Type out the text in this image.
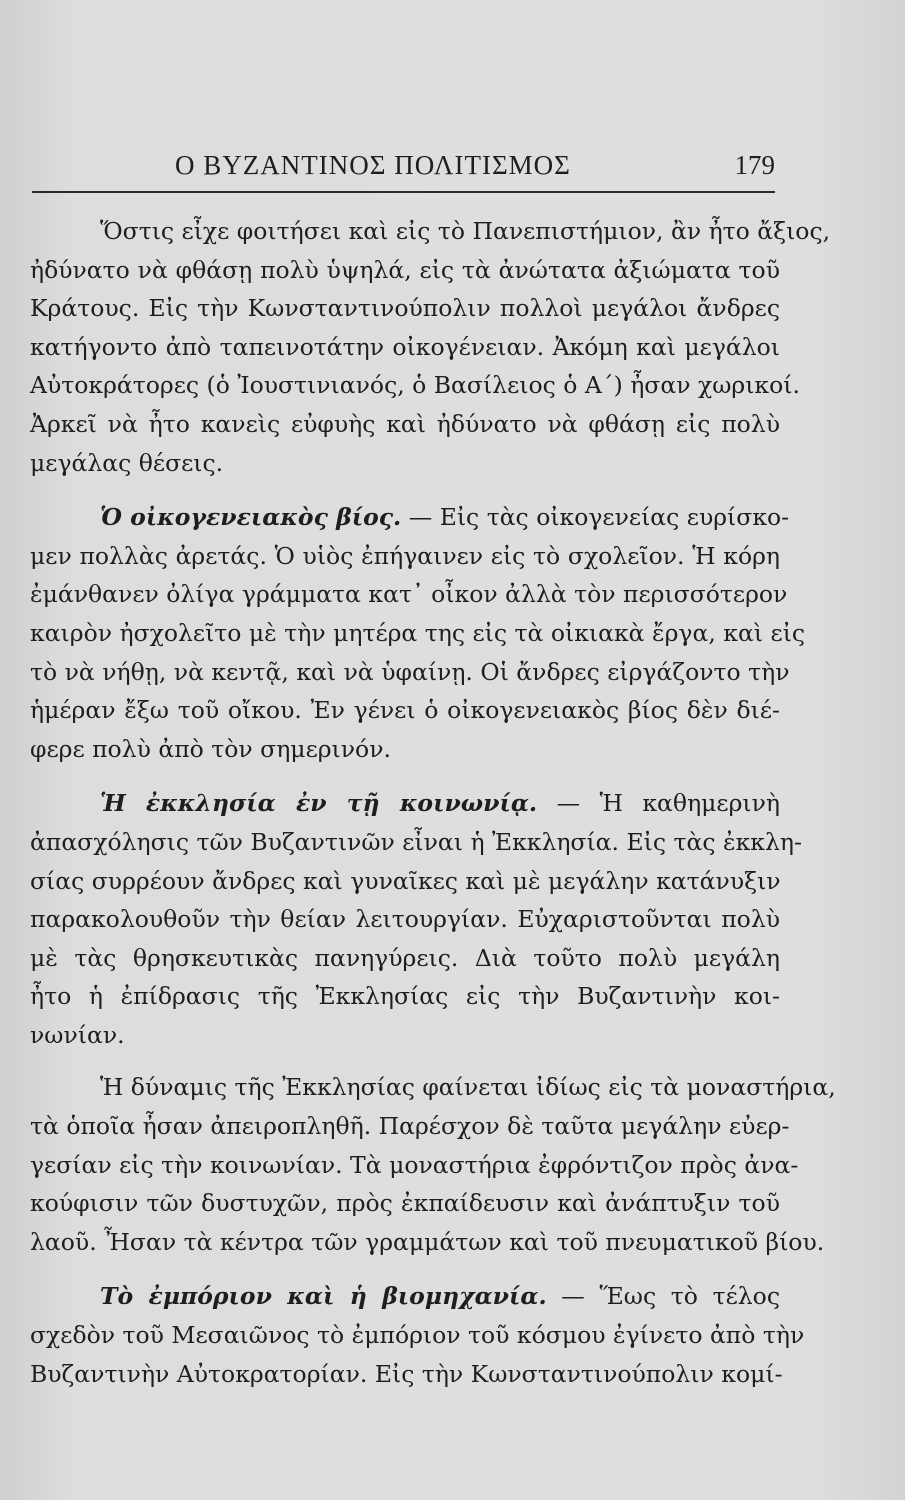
Ο ΒΥΖΑΝΤΙΝΟΣ ΠΟΛΙΤΙΣΜΟΣ	179
Ὅστις εἶχε φοιτήσει καὶ εἰς τὸ Πανεπιστήμιον, ἂν ἦτο ἄξιος,
ἠδύνατο νὰ φθάσῃ πολὺ ὑψηλά, εἰς τὰ ἀνώτατα ἀξιώματα τοῦ
Κράτους. Εἰς τὴν Κωνσταντινούπολιν πολλοὶ μεγάλοι ἄνδρες
κατήγοντο ἀπὸ ταπεινοτάτην οἰκογένειαν. Ἀκόμη καὶ μεγάλοι
Αὐτοκράτορες (ὁ Ἰουστινιανός, ὁ Βασίλειος ὁ Α΄) ἦσαν χωρικοί.
Ἀρκεῖ νὰ ἦτο κανεὶς εὐφυὴς καὶ ἠδύνατο νὰ φθάσῃ εἰς πολὺ
μεγάλας θέσεις.
Ὁ οἰκογενειακὸς βίος. — Εἰς τὰς οἰκογενείας ευρίσκο-
μεν πολλὰς ἀρετάς. Ὁ υἱὸς ἐπήγαινεν εἰς τὸ σχολεῖον. Ἡ κόρη
ἐμάνθανεν ὀλίγα γράμματα κατ᾿ οἶκον ἀλλὰ τὸν περισσότερον
καιρὸν ἠσχολεῖτο μὲ τὴν μητέρα της εἰς τὰ οἰκιακὰ ἔργα, καὶ εἰς
τὸ νὰ νήθῃ, νὰ κεντᾷ, καὶ νὰ ὑφαίνῃ. Οἱ ἄνδρες εἰργάζοντο τὴν
ἡμέραν ἔξω τοῦ οἴκου. Ἐν γένει ὁ οἰκογενειακὸς βίος δὲν διέ-
φερε πολὺ ἀπὸ τὸν σημερινόν.
Ἡ ἐκκλησία ἐν τῇ κοινωνίᾳ. — Ἡ καθημερινὴ
ἀπασχόλησις τῶν Βυζαντινῶν εἶναι ἡ Ἐκκλησία. Εἰς τὰς ἐκκλη-
σίας συρρέουν ἄνδρες καὶ γυναῖκες καὶ μὲ μεγάλην κατάνυξιν
παρακολουθοῦν τὴν θείαν λειτουργίαν. Εὐχαριστοῦνται πολὺ
μὲ τὰς θρησκευτικὰς πανηγύρεις. Διὰ τοῦτο πολὺ μεγάλη
ἦτο ἡ ἐπίδρασις τῆς Ἐκκλησίας εἰς τὴν Βυζαντινὴν κοι-
νωνίαν.
Ἡ δύναμις τῆς Ἐκκλησίας φαίνεται ἰδίως εἰς τὰ μοναστήρια,
τὰ ὁποῖα ἦσαν ἀπειροπληθῆ. Παρέσχον δὲ ταῦτα μεγάλην εὐερ-
γεσίαν εἰς τὴν κοινωνίαν. Τὰ μοναστήρια ἐφρόντιζον πρὸς ἀνα-
κούφισιν τῶν δυστυχῶν, πρὸς ἐκπαίδευσιν καὶ ἀνάπτυξιν τοῦ
λαοῦ. Ἦσαν τὰ κέντρα τῶν γραμμάτων καὶ τοῦ πνευματικοῦ βίου.
Τὸ ἐμπόριον καὶ ἡ βιομηχανία. — Ἕως τὸ τέλος
σχεδὸν τοῦ Μεσαιῶνος τὸ ἐμπόριον τοῦ κόσμου ἐγίνετο ἀπὸ τὴν
Βυζαντινὴν Αὐτοκρατορίαν. Εἰς τὴν Κωνσταντινούπολιν κομί-
